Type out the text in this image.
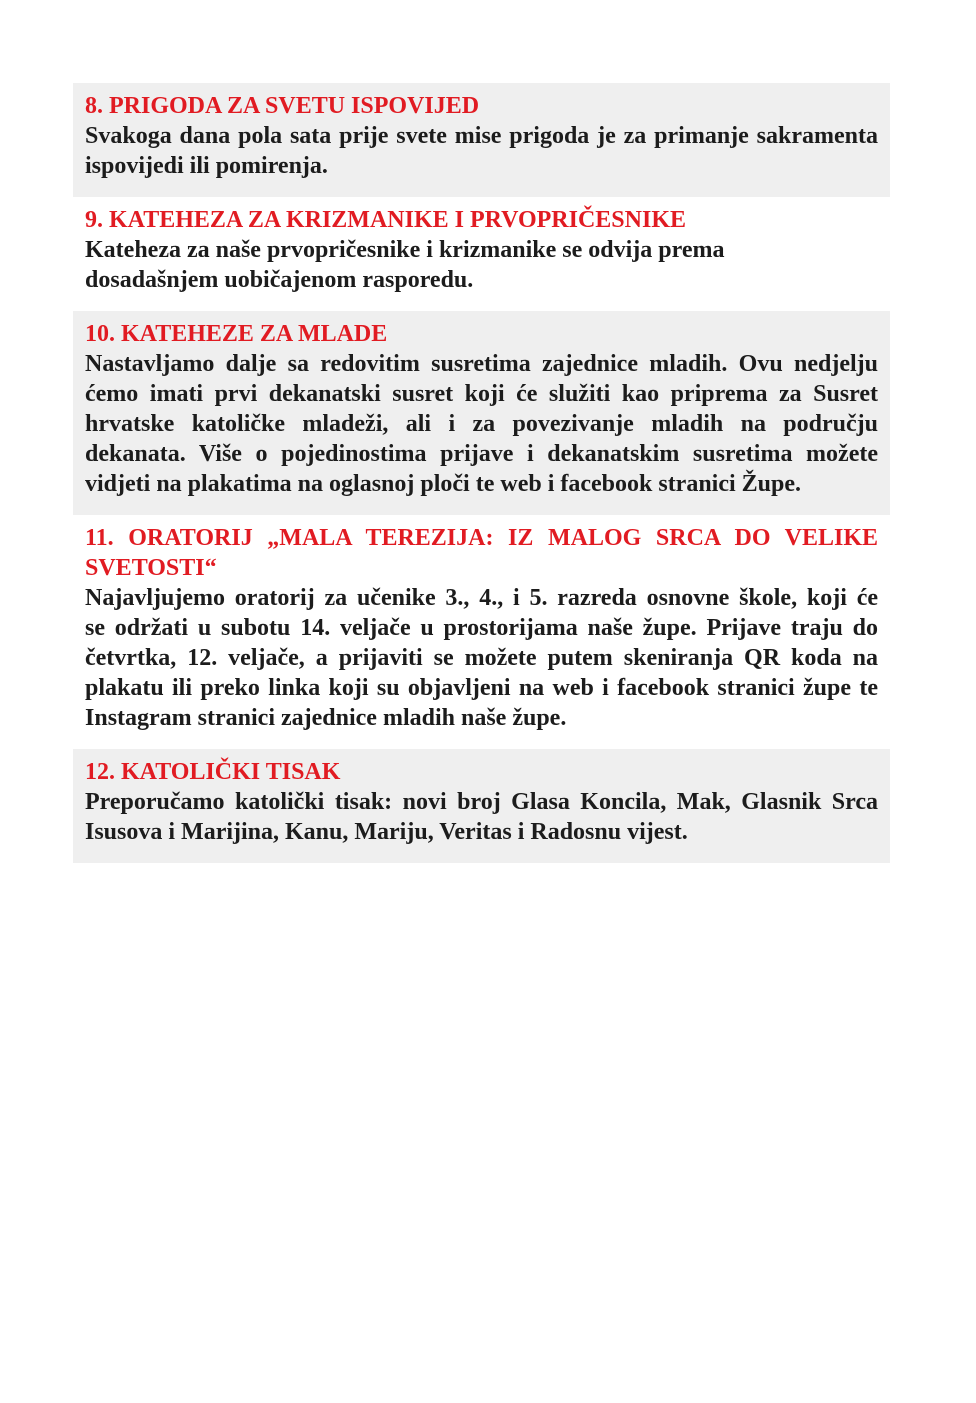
8. PRIGODA ZA SVETU ISPOVIJED
Svakoga dana pola sata prije svete mise prigoda je za primanje sakramenta
ispovijedi ili pomirenja.
9. KATEHEZA ZA KRIZMANIKE I PRVOPRIČESNIKE
Kateheza za naše prvopričesnike i krizmanike se odvija prema
dosadašnjem uobičajenom rasporedu.
10. KATEHEZE ZA MLADE
Nastavljamo dalje sa redovitim susretima zajednice mladih. Ovu nedjelju
ćemo imati prvi dekanatski susret koji će služiti kao priprema za Susret
hrvatske katoličke mladeži, ali i za povezivanje mladih na području
dekanata. Više o pojedinostima prijave i dekanatskim susretima možete
vidjeti na plakatima na oglasnoj ploči te web i facebook stranici Župe.
11. ORATORIJ „MALA TEREZIJA: IZ MALOG SRCA DO VELIKE
SVETOSTI“
Najavljujemo oratorij za učenike 3., 4., i 5. razreda osnovne škole, koji će
se održati u subotu 14. veljače u prostorijama naše župe. Prijave traju do
četvrtka, 12. veljače, a prijaviti se možete putem skeniranja QR koda na
plakatu ili preko linka koji su objavljeni na web i facebook stranici župe te
Instagram stranici zajednice mladih naše župe.
12. KATOLIČKI TISAK
Preporučamo katolički tisak: novi broj Glasa Koncila, Mak, Glasnik Srca
Isusova i Marijina, Kanu, Mariju, Veritas i Radosnu vijest.
